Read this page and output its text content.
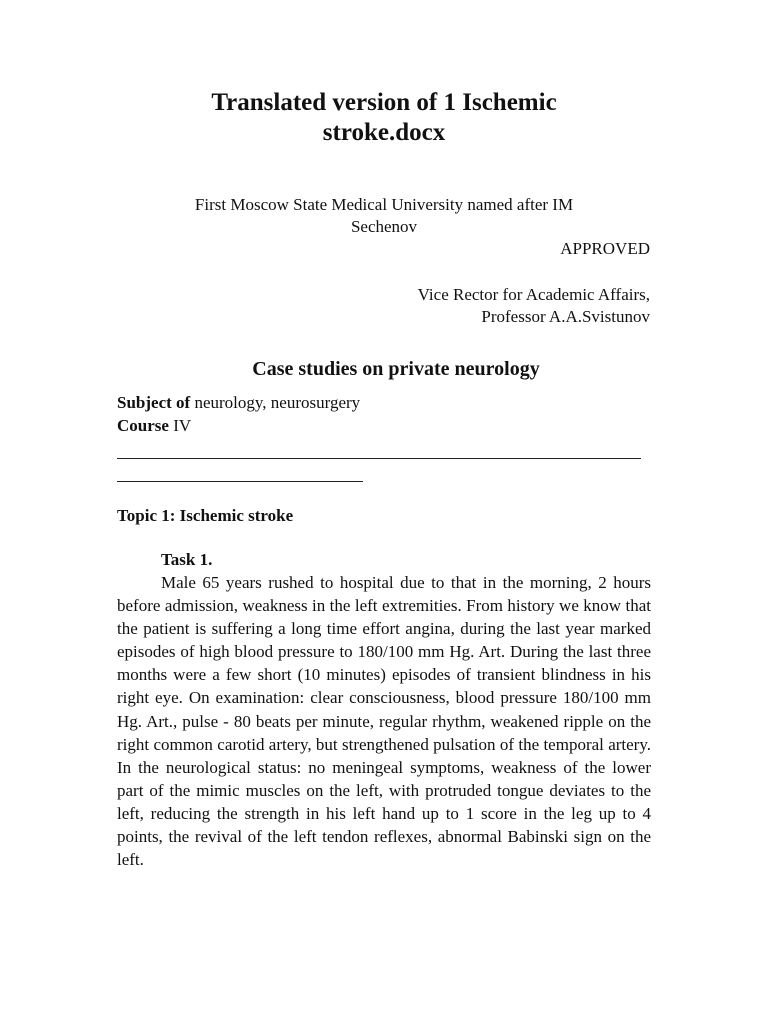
Translated version of 1 Ischemic
stroke.docx
First Moscow State Medical University named after IM
Sechenov
APPROVED
Vice Rector for Academic Affairs,
Professor A.A.Svistunov
Case studies on private neurology
Subject of neurology, neurosurgery
Course IV
Topic 1: Ischemic stroke
Task 1.

Male 65 years rushed to hospital due to that in the morning, 2 hours before admission, weakness in the left extremities. From history we know that the patient is suffering a long time effort angina, during the last year marked episodes of high blood pressure to 180/100 mm Hg. Art. During the last three months were a few short (10 minutes) episodes of transient blindness in his right eye. On examination: clear consciousness, blood pressure 180/100 mm Hg. Art., pulse - 80 beats per minute, regular rhythm, weakened ripple on the right common carotid artery, but strengthened pulsation of the temporal artery. In the neurological status: no meningeal symptoms, weakness of the lower part of the mimic muscles on the left, with protruded tongue deviates to the left, reducing the strength in his left hand up to 1 score in the leg up to 4 points, the revival of the left tendon reflexes, abnormal Babinski sign on the left.
